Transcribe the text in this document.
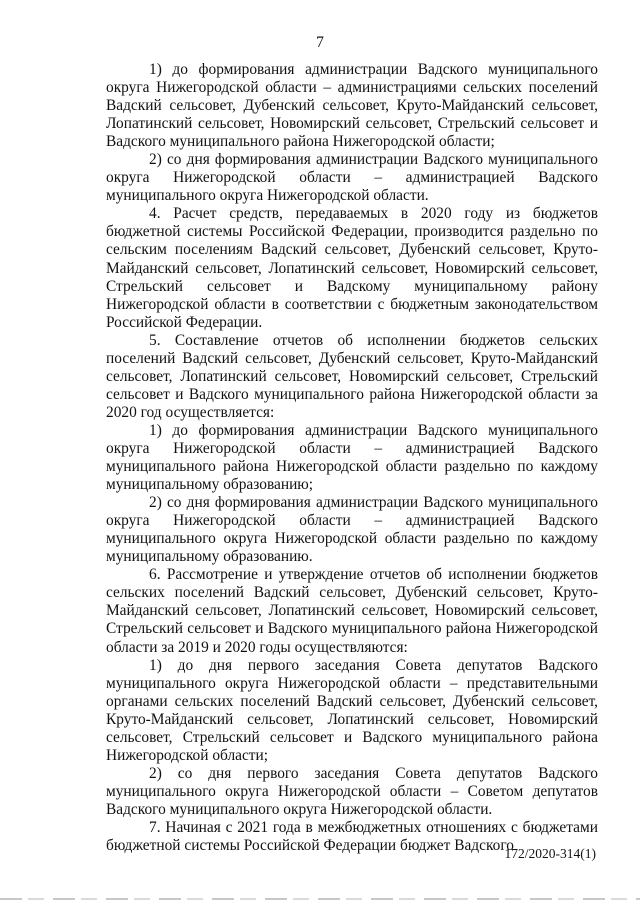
7

1) до формирования администрации Вадского муниципального округа Нижегородской области – администрациями сельских поселений Вадский сельсовет, Дубенский сельсовет, Круто-Майданский сельсовет, Лопатинский сельсовет, Новомирский сельсовет, Стрельский сельсовет и Вадского муниципального района Нижегородской области;

2) со дня формирования администрации Вадского муниципального округа Нижегородской области – администрацией Вадского муниципального округа Нижегородской области.

4. Расчет средств, передаваемых в 2020 году из бюджетов бюджетной системы Российской Федерации, производится раздельно по сельским поселениям Вадский сельсовет, Дубенский сельсовет, Круто-Майданский сельсовет, Лопатинский сельсовет, Новомирский сельсовет, Стрельский сельсовет и Вадскому муниципальному району Нижегородской области в соответствии с бюджетным законодательством Российской Федерации.

5. Составление отчетов об исполнении бюджетов сельских поселений Вадский сельсовет, Дубенский сельсовет, Круто-Майданский сельсовет, Лопатинский сельсовет, Новомирский сельсовет, Стрельский сельсовет и Вадского муниципального района Нижегородской области за 2020 год осуществляется:

1) до формирования администрации Вадского муниципального округа Нижегородской области – администрацией Вадского муниципального района Нижегородской области раздельно по каждому муниципальному образованию;

2) со дня формирования администрации Вадского муниципального округа Нижегородской области – администрацией Вадского муниципального округа Нижегородской области раздельно по каждому муниципальному образованию.

6. Рассмотрение и утверждение отчетов об исполнении бюджетов сельских поселений Вадский сельсовет, Дубенский сельсовет, Круто-Майданский сельсовет, Лопатинский сельсовет, Новомирский сельсовет, Стрельский сельсовет и Вадского муниципального района Нижегородской области за 2019 и 2020 годы осуществляются:

1) до дня первого заседания Совета депутатов Вадского муниципального округа Нижегородской области – представительными органами сельских поселений Вадский сельсовет, Дубенский сельсовет, Круто-Майданский сельсовет, Лопатинский сельсовет, Новомирский сельсовет, Стрельский сельсовет и Вадского муниципального района Нижегородской области;

2) со дня первого заседания Совета депутатов Вадского муниципального округа Нижегородской области – Советом депутатов Вадского муниципального округа Нижегородской области.

7. Начиная с 2021 года в межбюджетных отношениях с бюджетами бюджетной системы Российской Федерации бюджет Вадского

172/2020-314(1)
